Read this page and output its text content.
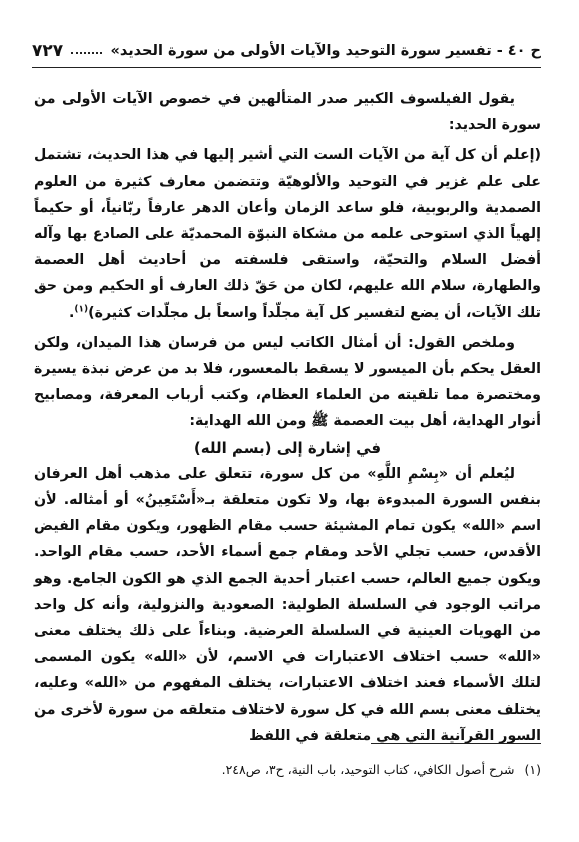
ح ٤٠ - تفسير سورة التوحيد والآيات الأولى من سورة الحديد»
٧٢٧

يقول الفيلسوف الكبير صدر المتألهين في خصوص الآيات الأولى من سورة الحديد:

(إعلم أن كل آية من الآيات الست التي أشير إليها في هذا الحديث، تشتمل على علم غزير في التوحيد والألوهيّة وتتضمن معارف كثيرة من العلوم الصمدية والربوبية، فلو ساعد الزمان وأعان الدهر عارفاً ربّانياً، أو حكيماً إلهياً الذي استوحى علمه من مشكاة النبوّة المحمديّة على الصادع بها وآله أفضل السلام والتحيّة، واستقى فلسفته من أحاديث أهل العصمة والطهارة، سلام الله عليهم، لكان من حَقّ ذلك العارف أو الحكيم ومن حق تلك الآيات، أن يضع لتفسير كل آية مجلّداً واسعاً بل مجلّدات كثيرة)$^{(١)}$.

وملخص القول: أن أمثال الكاتب ليس من فرسان هذا الميدان، ولكن العقل يحكم بأن الميسور لا يسقط بالمعسور، فلا بد من عرض نبذة يسيرة ومختصرة مما تلقيته من العلماء العظام، وكتب أرباب المعرفة، ومصابيح أنوار الهداية، أهل بيت العصمة ﷺ ومن الله الهداية:

في إشارة إلى (بسم الله)

ليُعلم أن «بِسْمِ اللَّهِ» من كل سورة، تتعلق على مذهب أهل العرفان بنفس السورة المبدوءة بها، ولا تكون متعلقة بـ«أَسْتَعِينُ» أو أمثاله. لأن اسم «الله» يكون تمام المشيئة حسب مقام الظهور، ويكون مقام الفيض الأقدس، حسب تجلي الأحد ومقام جمع أسماء الأحد، حسب مقام الواحد. ويكون جميع العالم، حسب اعتبار أحدية الجمع الذي هو الكون الجامع. وهو مراتب الوجود في السلسلة الطولية: الصعودية والنزولية، وأنه كل واحد من الهويات العينية في السلسلة العرضية. وبناءاً على ذلك يختلف معنى «الله» حسب اختلاف الاعتبارات في الاسم، لأن «الله» يكون المسمى لتلك الأسماء فعند اختلاف الاعتبارات، يختلف المفهوم من «الله» وعليه، يختلف معنى بسم الله في كل سورة لاختلاف متعلقه من سورة لأخرى من السور القرآنية التي هي متعلقة في اللفظ

(١)شرح أصول الكافي، كتاب التوحيد، باب النية، ح٣، ص٢٤٨.
